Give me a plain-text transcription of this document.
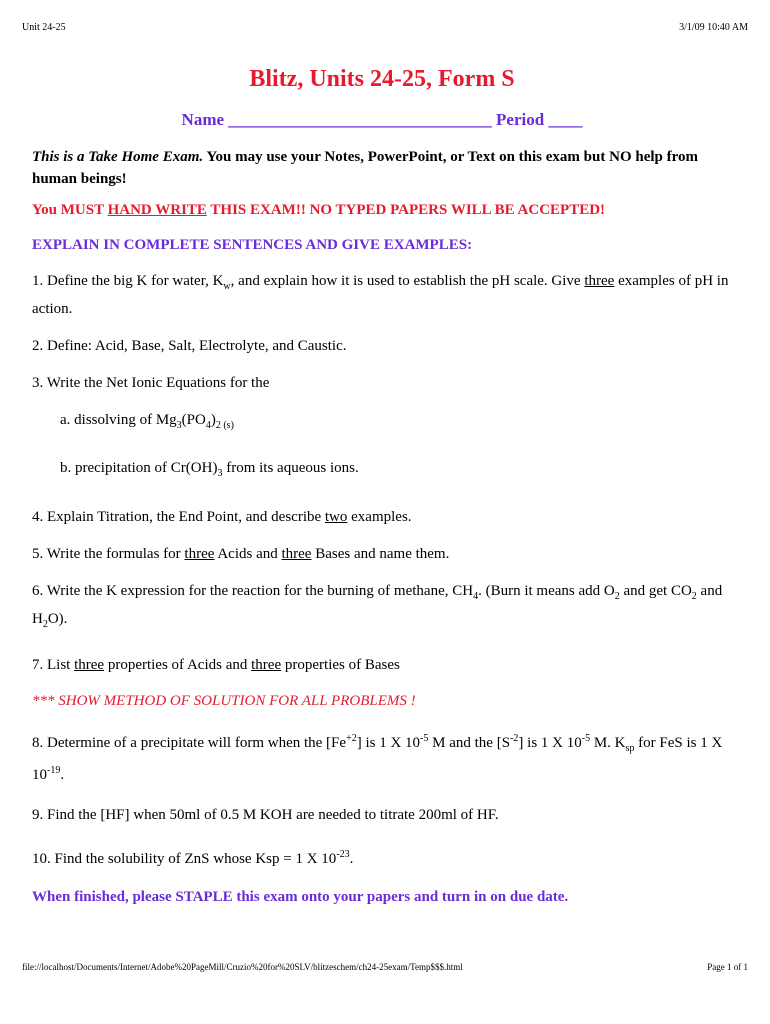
Unit 24-25	3/1/09 10:40 AM
Blitz, Units 24-25, Form S
Name _______________________________ Period ____

This is a Take Home Exam. You may use your Notes, PowerPoint, or Text on this exam but NO help from human beings!

You MUST HAND WRITE THIS EXAM!! NO TYPED PAPERS WILL BE ACCEPTED!

EXPLAIN IN COMPLETE SENTENCES AND GIVE EXAMPLES:

1. Define the big K for water, $K_w$, and explain how it is used to establish the pH scale. Give three examples of pH in action.

2. Define: Acid, Base, Salt, Electrolyte, and Caustic.

3. Write the Net Ionic Equations for the

a. dissolving of $Mg_3(PO_4)_{2 (s)}$

b. precipitation of $Cr(OH)_3$ from its aqueous ions.

4. Explain Titration, the End Point, and describe two examples.

5. Write the formulas for three Acids and three Bases and name them.

6. Write the K expression for the reaction for the burning of methane, $CH_4$. (Burn it means add $O_2$ and get $CO_2$ and $H_2O$).

7. List three properties of Acids and three properties of Bases

*** SHOW METHOD OF SOLUTION FOR ALL PROBLEMS !

8. Determine of a precipitate will form when the $[Fe^{+2}]$ is 1 X $10^{-5}$ M and the $[S^{-2}]$ is 1 X $10^{-5}$ M. $K_{sp}$ for FeS is 1 X $10^{-19}$.

9. Find the [HF] when 50ml of 0.5 M KOH are needed to titrate 200ml of HF.

10. Find the solubility of ZnS whose Ksp = 1 X $10^{-23}$.

When finished, please STAPLE this exam onto your papers and turn in on due date.

file://localhost/Documents/Internet/Adobe%20PageMill/Cruzio%20for%20SLV/blitzeschem/ch24-25exam/Temp$$$.html	Page 1 of 1
